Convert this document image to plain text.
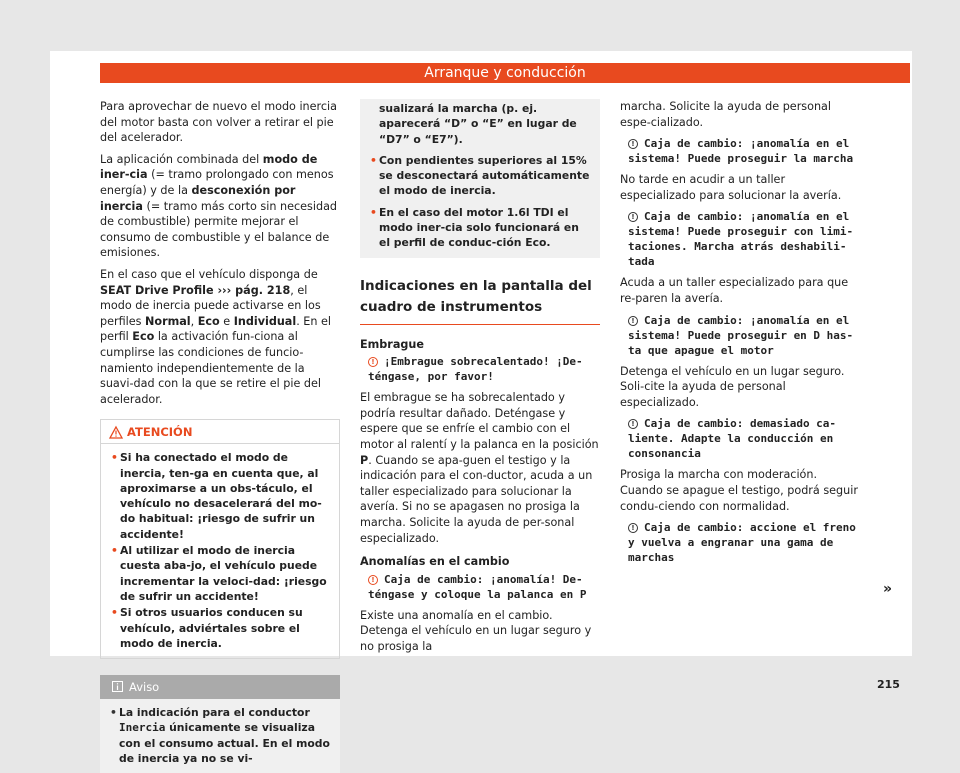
Arranque y conducción

Para aprovechar de nuevo el modo inercia del motor basta con volver a retirar el pie del acelerador.

La aplicación combinada del modo de iner-cia (= tramo prolongado con menos energía) y de la desconexión por inercia (= tramo más corto sin necesidad de combustible) permite mejorar el consumo de combustible y el balance de emisiones.

En el caso que el vehículo disponga de SEAT Drive Profile ››› pág. 218, el modo de inercia puede activarse en los perfiles Normal, Eco e Individual. En el perfil Eco la activación fun-ciona al cumplirse las condiciones de funcio-namiento independientemente de la suavi-dad con la que se retire el pie del acelerador.

ATENCIÓN
• Si ha conectado el modo de inercia, ten-ga en cuenta que, al aproximarse a un obs-táculo, el vehículo no desacelerará del mo-do habitual: ¡riesgo de sufrir un accidente!
• Al utilizar el modo de inercia cuesta aba-jo, el vehículo puede incrementar la veloci-dad: ¡riesgo de sufrir un accidente!
• Si otros usuarios conducen su vehículo, adviértales sobre el modo de inercia.
Aviso
• La indicación para el conductor Inercia únicamente se visualiza con el consumo actual. En el modo de inercia ya no se vi-
sualizará la marcha (p. ej. aparecerá “D” o “E” en lugar de “D7” o “E7”).
• Con pendientes superiores al 15% se desconectará automáticamente el modo de inercia.
• En el caso del motor 1.6l TDI el modo iner-cia solo funcionará en el perfil de conduc-ción Eco.
Indicaciones en la pantalla del cuadro de instrumentos
Embrague
! ¡Embrague sobrecalentado! ¡De-téngase, por favor!

El embrague se ha sobrecalentado y podría resultar dañado. Deténgase y espere que se enfríe el cambio con el motor al ralentí y la palanca en la posición P. Cuando se apa-guen el testigo y la indicación para el con-ductor, acuda a un taller especializado para solucionar la avería. Si no se apagasen no prosiga la marcha. Solicite la ayuda de per-sonal especializado.

Anomalías en el cambio
! Caja de cambio: ¡anomalía! De-téngase y coloque la palanca en P

Existe una anomalía en el cambio. Detenga el vehículo en un lugar seguro y no prosiga la

marcha. Solicite la ayuda de personal espe-cializado.

! Caja de cambio: ¡anomalía en el sistema! Puede proseguir la marcha

No tarde en acudir a un taller especializado para solucionar la avería.

! Caja de cambio: ¡anomalía en el sistema! Puede proseguir con limi-taciones. Marcha atrás deshabili-tada

Acuda a un taller especializado para que re-paren la avería.

! Caja de cambio: ¡anomalía en el sistema! Puede proseguir en D has-ta que apague el motor

Detenga el vehículo en un lugar seguro. Soli-cite la ayuda de personal especializado.

! Caja de cambio: demasiado ca-liente. Adapte la conducción en consonancia

Prosiga la marcha con moderación. Cuando se apague el testigo, podrá seguir condu-ciendo con normalidad.

! Caja de cambio: accione el freno y vuelva a engranar una gama de marchas
»
215
